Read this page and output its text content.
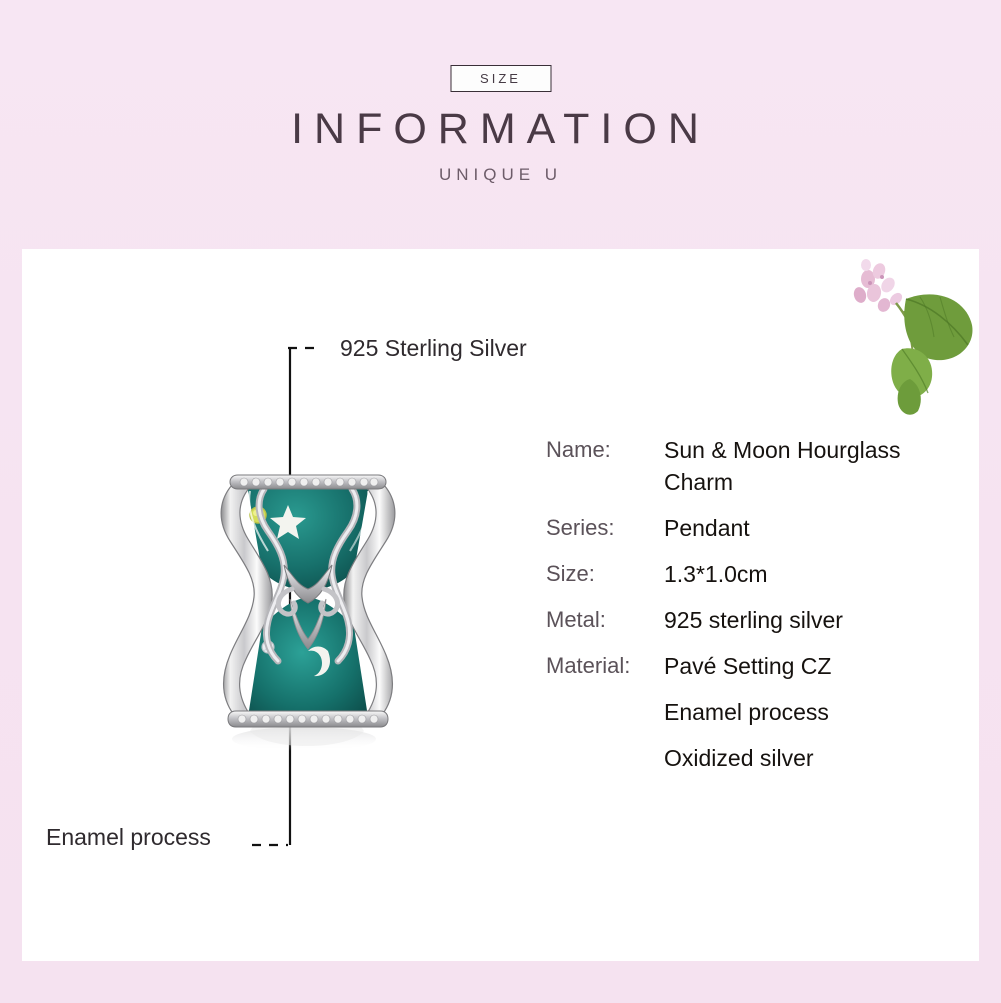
SIZE
INFORMATION
UNIQUE U
925 Sterling Silver
Enamel process
Name:	Sun & Moon Hourglass Charm
Series:	Pendant
Size:	1.3*1.0cm
Metal:	925 sterling silver
Material:	Pavé Setting CZ
Enamel process
Oxidized silver
